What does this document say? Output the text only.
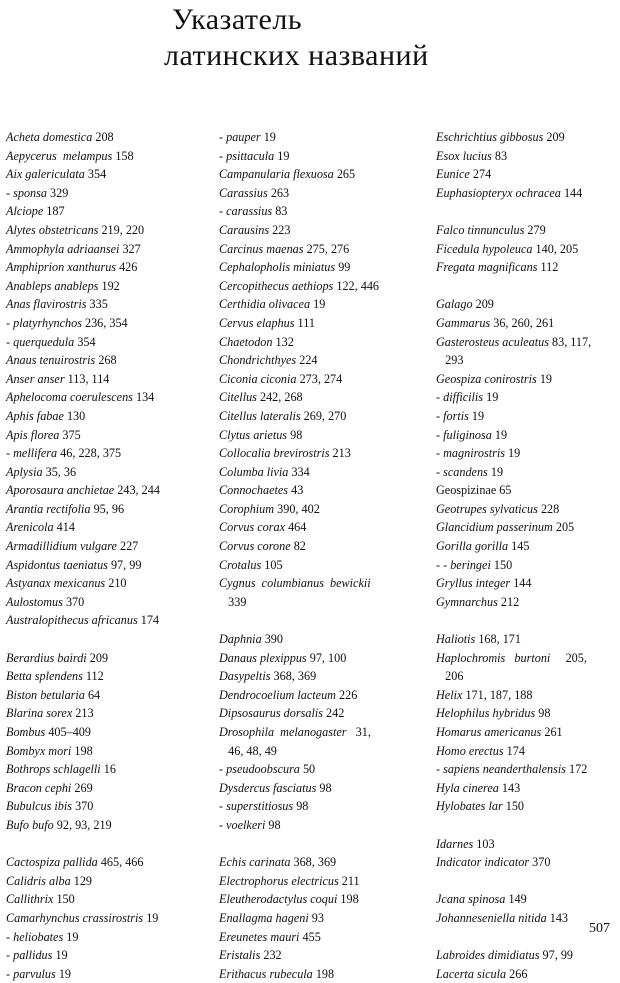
Указатель
латинских названий
Acheta domestica 208
Aepycerus  melampus 158
Aix galericulata 354
- sponsa 329
Alciope 187
Alytes obstetricans 219, 220
Ammophyla adriaansei 327
Amphiprion xanthurus 426
Anableps anableps 192
Anas flavirostris 335
- platyrhynchos 236, 354
- querquedula 354
Anaus tenuirostris 268
Anser anser 113, 114
Aphelocoma coerulescens 134
Aphis fabae 130
Apis florea 375
- mellifera 46, 228, 375
Aplysia 35, 36
Aporosaura anchietae 243, 244
Arantia rectifolia 95, 96
Arenicola 414
Armadillidium vulgare 227
Aspidontus taeniatus 97, 99
Astyanax mexicanus 210
Aulostomus 370
Australopithecus africanus 174
Berardius bairdi 209
Betta splendens 112
Biston betularia 64
Blarina sorex 213
Bombus 405–409
Bombyx mori 198
Bothrops schlagelli 16
Bracon cephi 269
Bubulcus ibis 370
Bufo bufo 92, 93, 219
Cactospiza pallida 465, 466
Calidris alba 129
Callithrix 150
Camarhynchus crassirostris 19
- heliobates 19
- pallidus 19
- parvulus 19
- pauper 19
- psittacula 19
Campanularia flexuosa 265
Carassius 263
- carassius 83
Carausins 223
Carcinus maenas 275, 276
Cephalopholis miniatus 99
Cercopithecus aethiops 122, 446
Certhidia olivacea 19
Cervus elaphus 111
Chaetodon 132
Chondrichthyes 224
Ciconia ciconia 273, 274
Citellus 242, 268
Citellus lateralis 269, 270
Clytus arietus 98
Collocalia brevirostris 213
Columba livia 334
Connochaetes 43
Corophium 390, 402
Corvus corax 464
Corvus corone 82
Crotalus 105
Cygnus  columbianus  bewickii
339
Daphnia 390
Danaus plexippus 97, 100
Dasypeltis 368, 369
Dendrocoelium lacteum 226
Dipsosaurus dorsalis 242
Drosophila  melanogaster   31,
46, 48, 49
- pseudoobscura 50
Dysdercus fasciatus 98
- superstitiosus 98
- voelkeri 98
Echis carinata 368, 369
Electrophorus electricus 211
Eleutherodactylus coqui 198
Enallagma hageni 93
Ereunetes mauri 455
Eristalis 232
Erithacus rubecula 198
Eschrichtius gibbosus 209
Esox lucius 83
Eunice 274
Euphasiopteryx ochracea 144
Falco tinnunculus 279
Ficedula hypoleuca 140, 205
Fregata magnificans 112
Galago 209
Gammarus 36, 260, 261
Gasterosteus aculeatus 83, 117,
293
Geospiza conirostris 19
- difficilis 19
- fortis 19
- fuliginosa 19
- magnirostris 19
- scandens 19
Geospizinae 65
Geotrupes sylvaticus 228
Glancidium passerinum 205
Gorilla gorilla 145
- - beringei 150
Gryllus integer 144
Gymnarchus 212
Haliotis 168, 171
Haplochromis   burtoni     205,
206
Helix 171, 187, 188
Helophilus hybridus 98
Homarus americanus 261
Homo erectus 174
- sapiens neanderthalensis 172
Hyla cinerea 143
Hylobates lar 150
Idarnes 103
Indicator indicator 370
Jcana spinosa 149
Johanneseniella nitida 143
Labroides dimidiatus 97, 99
Lacerta sicula 266
507
